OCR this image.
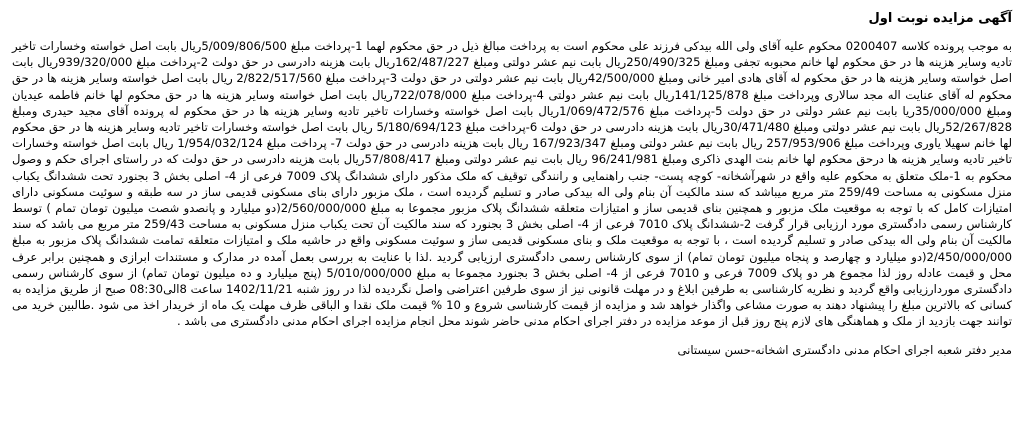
آگهی مزایده نوبت اول

به موجب پرونده کلاسه 0200407 محکوم علیه آقای ولی الله بیدکی فرزند علی محکوم است به پرداخت مبالغ ذیل در حق محکوم لهما 1-پرداخت مبلغ 5/009/806/500ریال بابت اصل خواسته وخسارات تاخیر تادیه وسایر هزینه ها در حق محکوم لها خانم محبوبه تجفی ومبلغ 250/490/325ریال بابت نیم عشر دولتی ومبلغ 162/487/227ریال بابت هزینه دادرسی در حق دولت 2-پرداخت مبلغ 939/320/000ریال بابت اصل خواسته وسایر هزینه ها در حق محکوم له آقای هادی امیر خانی ومبلغ 42/500/000ریال بابت نیم عشر دولتی در حق دولت 3-پرداخت مبلغ 2/822/517/560 ریال بابت اصل خواسته وسایر هزینه ها در حق محکوم له آقای عنایت اله مجد سالاری وپرداخت مبلغ 141/125/878ریال بابت نیم عشر دولتی 4-پرداخت مبلغ 722/078/000ریال بابت اصل خواسته وسایر هزینه ها در حق محکوم لها خانم فاطمه عیدیان ومبلغ 35/000/000ریا بابت نیم عشر دولتی در حق دولت 5-پرداخت مبلغ 1/069/472/576ریال بابت اصل خواسته وخسارات تاخیر تادیه وسایر هزینه ها در حق محکوم له پرونده آقای مجید حیدری ومبلغ 52/267/828ریال بابت نیم عشر دولتی ومبلغ 30/471/480ریال بابت هزینه دادرسی در حق دولت 6-پرداخت مبلغ 5/180/694/123 ریال بابت اصل خواسته وخسارات تاخیر تادیه وسایر هزینه ها در حق محکوم لها خانم سهیلا یاوری وپرداخت مبلغ 257/953/906 ریال بابت نیم عشر دولتی ومبلغ 167/923/347 ریال بابت هزینه دادرسی در حق دولت 7- پرداخت مبلغ 1/954/032/124 ریال بابت اصل خواسته وخسارات تاخیر تادیه وسایر هزینه ها درحق محکوم لها خانم بنت الهدی ذاکری ومبلغ 96/241/981 ریال بابت نیم عشر دولتی ومبلغ 57/808/417ریال بابت هزینه دادرسی در حق دولت که در راستای اجرای حکم و وصول محکوم به 1-ملک متعلق به محکوم علیه واقع در شهرآشخانه- کوچه پست- جنب راهنمایی و رانندگی توقیف که ملک مذکور دارای ششدانگ پلاک 7009 فرعی از 4- اصلی بخش 3 بجنورد تحت ششدانگ یکباب منزل مسکونی به مساحت 259/49 متر مربع میباشد که سند مالکیت آن بنام ولی اله بیدکی صادر و تسلیم گردیده است ، ملک مزبور دارای بنای مسکونی قدیمی ساز در سه طبقه و سوئیت مسکونی دارای امتیازات کامل که با توجه به موقعیت ملک مزبور و همچنین بنای قدیمی ساز و امتیازات متعلقه ششدانگ پلاک مزبور مجموعا به مبلغ 2/560/000/000(دو میلیارد و پانصدو شصت میلیون تومان تمام ) توسط کارشناس رسمی دادگستری مورد ارزیابی قرار گرفت 2-ششدانگ پلاک 7010 فرعی از 4- اصلی بخش 3 بجنورد که سند مالکیت آن تحت یکباب منزل مسکونی به مساحت 259/43 متر مربع می باشد که سند مالکیت آن بنام ولی اله بیدکی صادر و تسلیم گردیده است ، با توجه به موقعیت ملک و بنای مسکونی قدیمی ساز و سوئیت مسکونی واقع در حاشیه ملک و امتیازات متعلقه تمامت ششدانگ پلاک مزبور به مبلغ 2/450/000/000(دو میلیارد و چهارصد و پنجاه میلیون تومان تمام) از سوی کارشناس رسمی دادگستری ارزیابی گردید .لذا با عنایت به بررسی بعمل آمده در مدارک و مستندات ابرازی و همچنین برابر عرف محل و قیمت عادله روز لذا مجموع هر دو پلاک 7009 فرعی و 7010 فرعی از 4- اصلی بخش 3 بجنورد مجموعا به مبلغ 5/010/000/000 (پنج میلیارد و ده میلیون تومان تمام) از سوی کارشناس رسمی دادگستری موردارزیابی واقع گردید و نظریه کارشناسی به طرفین ابلاغ و در مهلت قانونی نیز از سوی طرفین اعتراضی واصل نگردیده لذا در روز شنبه 1402/11/21 ساعت 8الی08:30 صبح از طریق مزایده به کسانی که بالاترین مبلغ را پیشنهاد دهند به صورت مشاعی واگذار خواهد شد و مزایده از قیمت کارشناسی شروع و 10 % قیمت ملک نقدا و الباقی ظرف مهلت یک ماه از خریدار اخذ می شود .طالبین خرید می توانند جهت بازدید از ملک و هماهنگی های لازم پنج روز قبل از موعد مزایده در دفتر اجرای احکام مدنی حاضر شوند محل انجام مزایده اجرای احکام مدنی دادگستری می باشد .

مدیر دفتر شعبه اجرای احکام مدنی دادگستری اشخانه-حسن سیستانی
